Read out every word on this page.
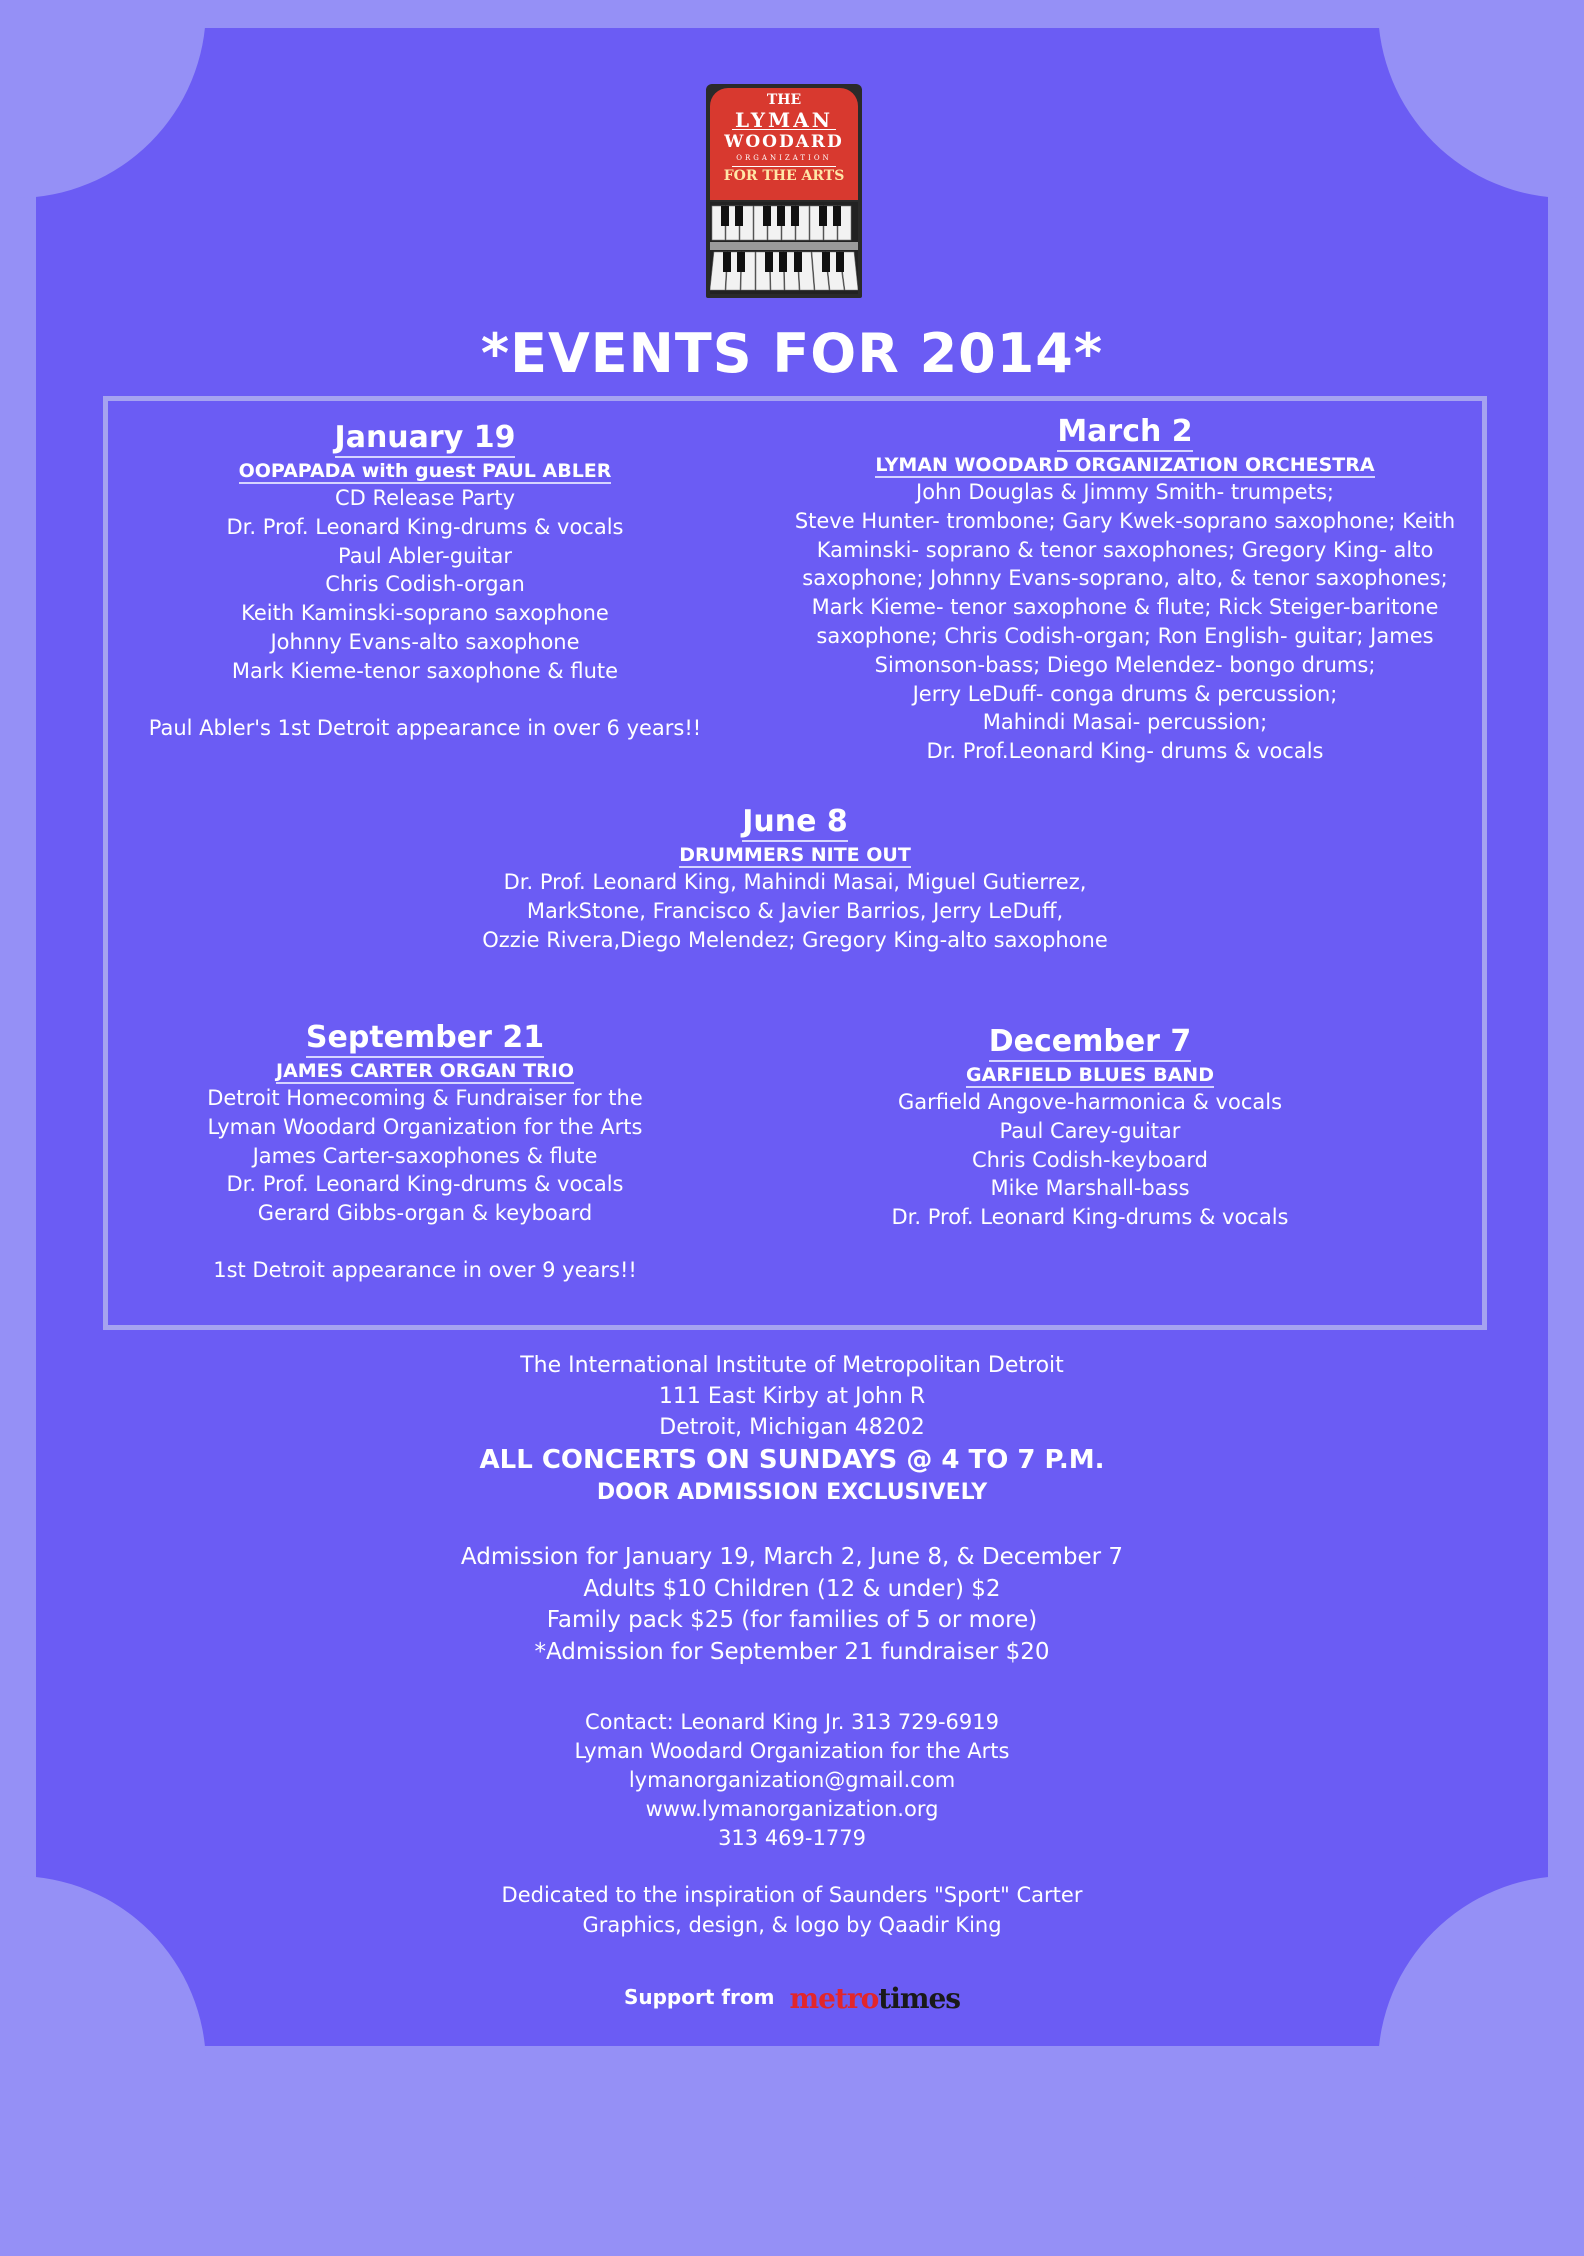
THE
LYMAN
WOODARD
ORGANIZATION
FOR THE ARTS
*EVENTS FOR 2014*
January 19
OOPAPADA with guest PAUL ABLER
CD Release Party
Dr. Prof. Leonard King-drums & vocals
Paul Abler-guitar
Chris Codish-organ
Keith Kaminski-soprano saxophone
Johnny Evans-alto saxophone
Mark Kieme-tenor saxophone & flute
Paul Abler's 1st Detroit appearance in over 6 years!!
March 2
LYMAN WOODARD ORGANIZATION ORCHESTRA
John Douglas & Jimmy Smith- trumpets;
Steve Hunter- trombone; Gary Kwek-soprano saxophone; Keith
Kaminski- soprano & tenor saxophones; Gregory King- alto
saxophone; Johnny Evans-soprano, alto, & tenor saxophones;
Mark Kieme- tenor saxophone & flute; Rick Steiger-baritone
saxophone; Chris Codish-organ; Ron English- guitar; James
Simonson-bass; Diego Melendez- bongo drums;
Jerry LeDuff- conga drums & percussion;
Mahindi Masai- percussion;
Dr. Prof.Leonard King- drums & vocals
June 8
DRUMMERS NITE OUT
Dr. Prof. Leonard King, Mahindi Masai, Miguel Gutierrez,
MarkStone, Francisco & Javier Barrios, Jerry LeDuff,
Ozzie Rivera,Diego Melendez; Gregory King-alto saxophone
September 21
JAMES CARTER ORGAN TRIO
Detroit Homecoming & Fundraiser for the
Lyman Woodard Organization for the Arts
James Carter-saxophones & flute
Dr. Prof. Leonard King-drums & vocals
Gerard Gibbs-organ & keyboard
1st Detroit appearance in over 9 years!!
December 7
GARFIELD BLUES BAND
Garfield Angove-harmonica & vocals
Paul Carey-guitar
Chris Codish-keyboard
Mike Marshall-bass
Dr. Prof. Leonard King-drums & vocals
The International Institute of Metropolitan Detroit
111 East Kirby at John R
Detroit, Michigan 48202
ALL CONCERTS ON SUNDAYS @ 4 TO 7 P.M.
DOOR ADMISSION EXCLUSIVELY
Admission for January 19, March 2, June 8, & December 7
Adults $10 Children (12 & under) $2
Family pack $25 (for families of 5 or more)
*Admission for September 21 fundraiser $20
Contact: Leonard King Jr. 313 729-6919
Lyman Woodard Organization for the Arts
lymanorganization@gmail.com
www.lymanorganization.org
313 469-1779
Dedicated to the inspiration of Saunders "Sport" Carter
Graphics, design, & logo by Qaadir King
Support from metrotimes
